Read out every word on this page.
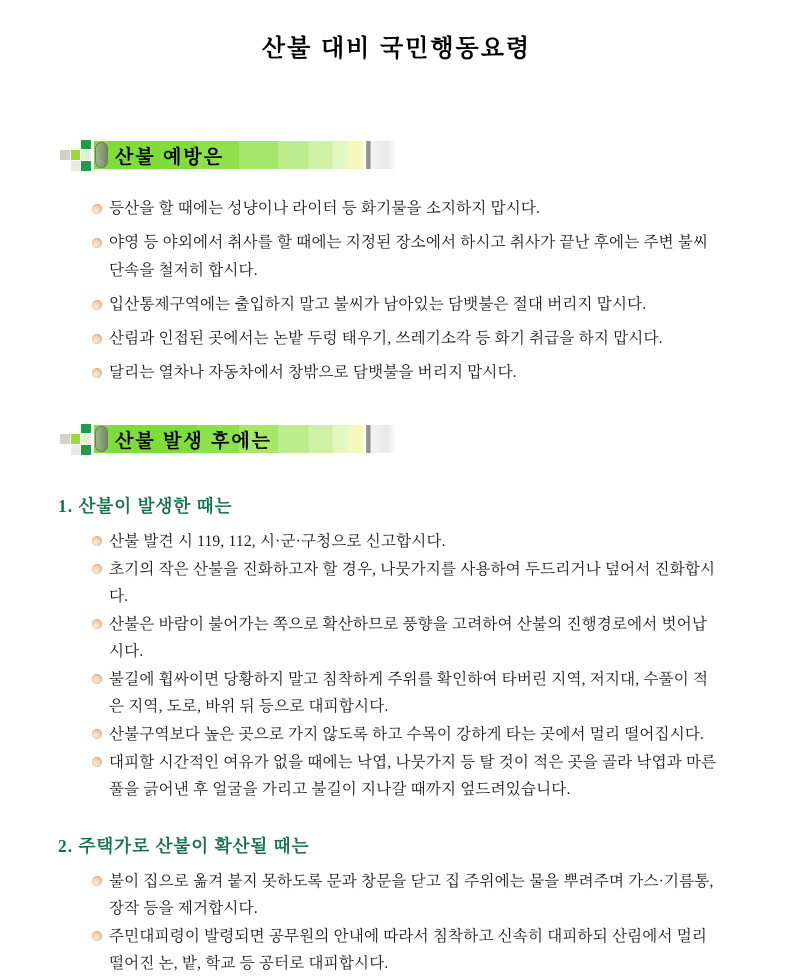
산불 대비 국민행동요령
산불 예방은
등산을 할 때에는 성냥이나 라이터 등 화기물을 소지하지 맙시다.
야영 등 야외에서 취사를 할 때에는 지정된 장소에서 하시고 취사가 끝난 후에는 주변 불씨 단속을 철저히 합시다.
입산통제구역에는 출입하지 말고 불씨가 남아있는 담뱃불은 절대 버리지 맙시다.
산림과 인접된 곳에서는 논밭 두렁 태우기, 쓰레기소각 등 화기 취급을 하지 맙시다.
달리는 열차나 자동차에서 창밖으로 담뱃불을 버리지 맙시다.
산불 발생 후에는
1. 산불이 발생한 때는
산불 발견 시 119, 112, 시·군·구청으로 신고합시다.
초기의 작은 산불을 진화하고자 할 경우, 나뭇가지를 사용하여 두드리거나 덮어서 진화합시다.
산불은 바람이 불어가는 쪽으로 확산하므로 풍향을 고려하여 산불의 진행경로에서 벗어납시다.
불길에 휩싸이면 당황하지 말고 침착하게 주위를 확인하여 타버린 지역, 저지대, 수풀이 적은 지역, 도로, 바위 뒤 등으로 대피합시다.
산불구역보다 높은 곳으로 가지 않도록 하고 수목이 강하게 타는 곳에서 멀리 떨어집시다.
대피할 시간적인 여유가 없을 때에는 낙엽, 나뭇가지 등 탈 것이 적은 곳을 골라 낙엽과 마른풀을 긁어낸 후 얼굴을 가리고 불길이 지나갈 때까지 엎드려있습니다.
2. 주택가로 산불이 확산될 때는
불이 집으로 옮겨 붙지 못하도록 문과 창문을 닫고 집 주위에는 물을 뿌려주며 가스·기름통, 장작 등을 제거합시다.
주민대피령이 발령되면 공무원의 안내에 따라서 침착하고 신속히 대피하되 산림에서 멀리 떨어진 논, 밭, 학교 등 공터로 대피합시다.
